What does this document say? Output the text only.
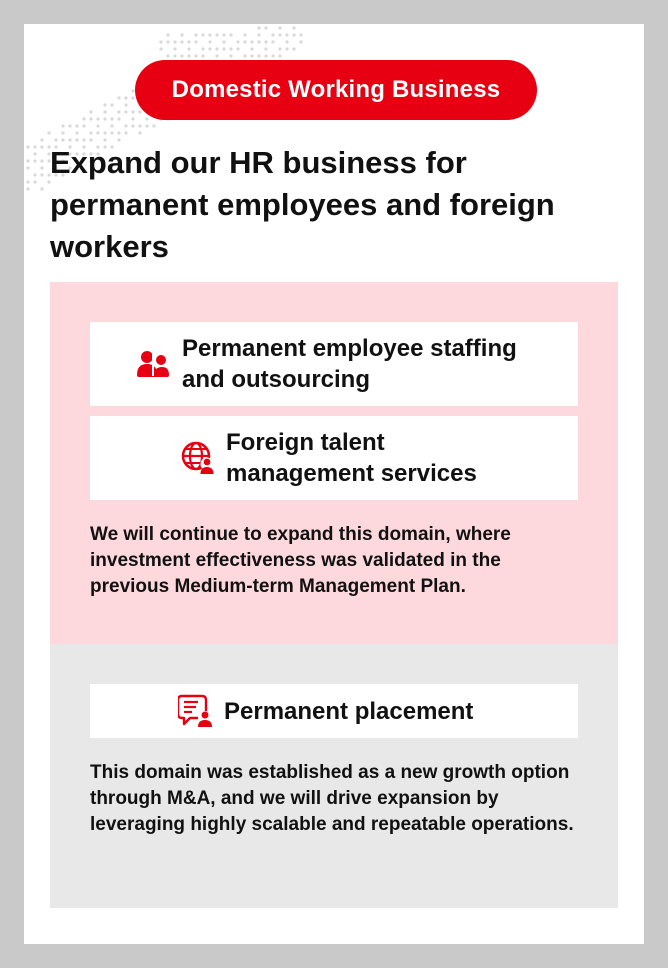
Domestic Working Business
Expand our HR business for permanent employees and foreign workers
Permanent employee staffing
and outsourcing
Foreign talent
management services

We will continue to expand this domain, where investment effectiveness was validated in the previous Medium-term Management Plan.

Permanent placement

This domain was established as a new growth option through M&A, and we will drive expansion by leveraging highly scalable and repeatable operations.
